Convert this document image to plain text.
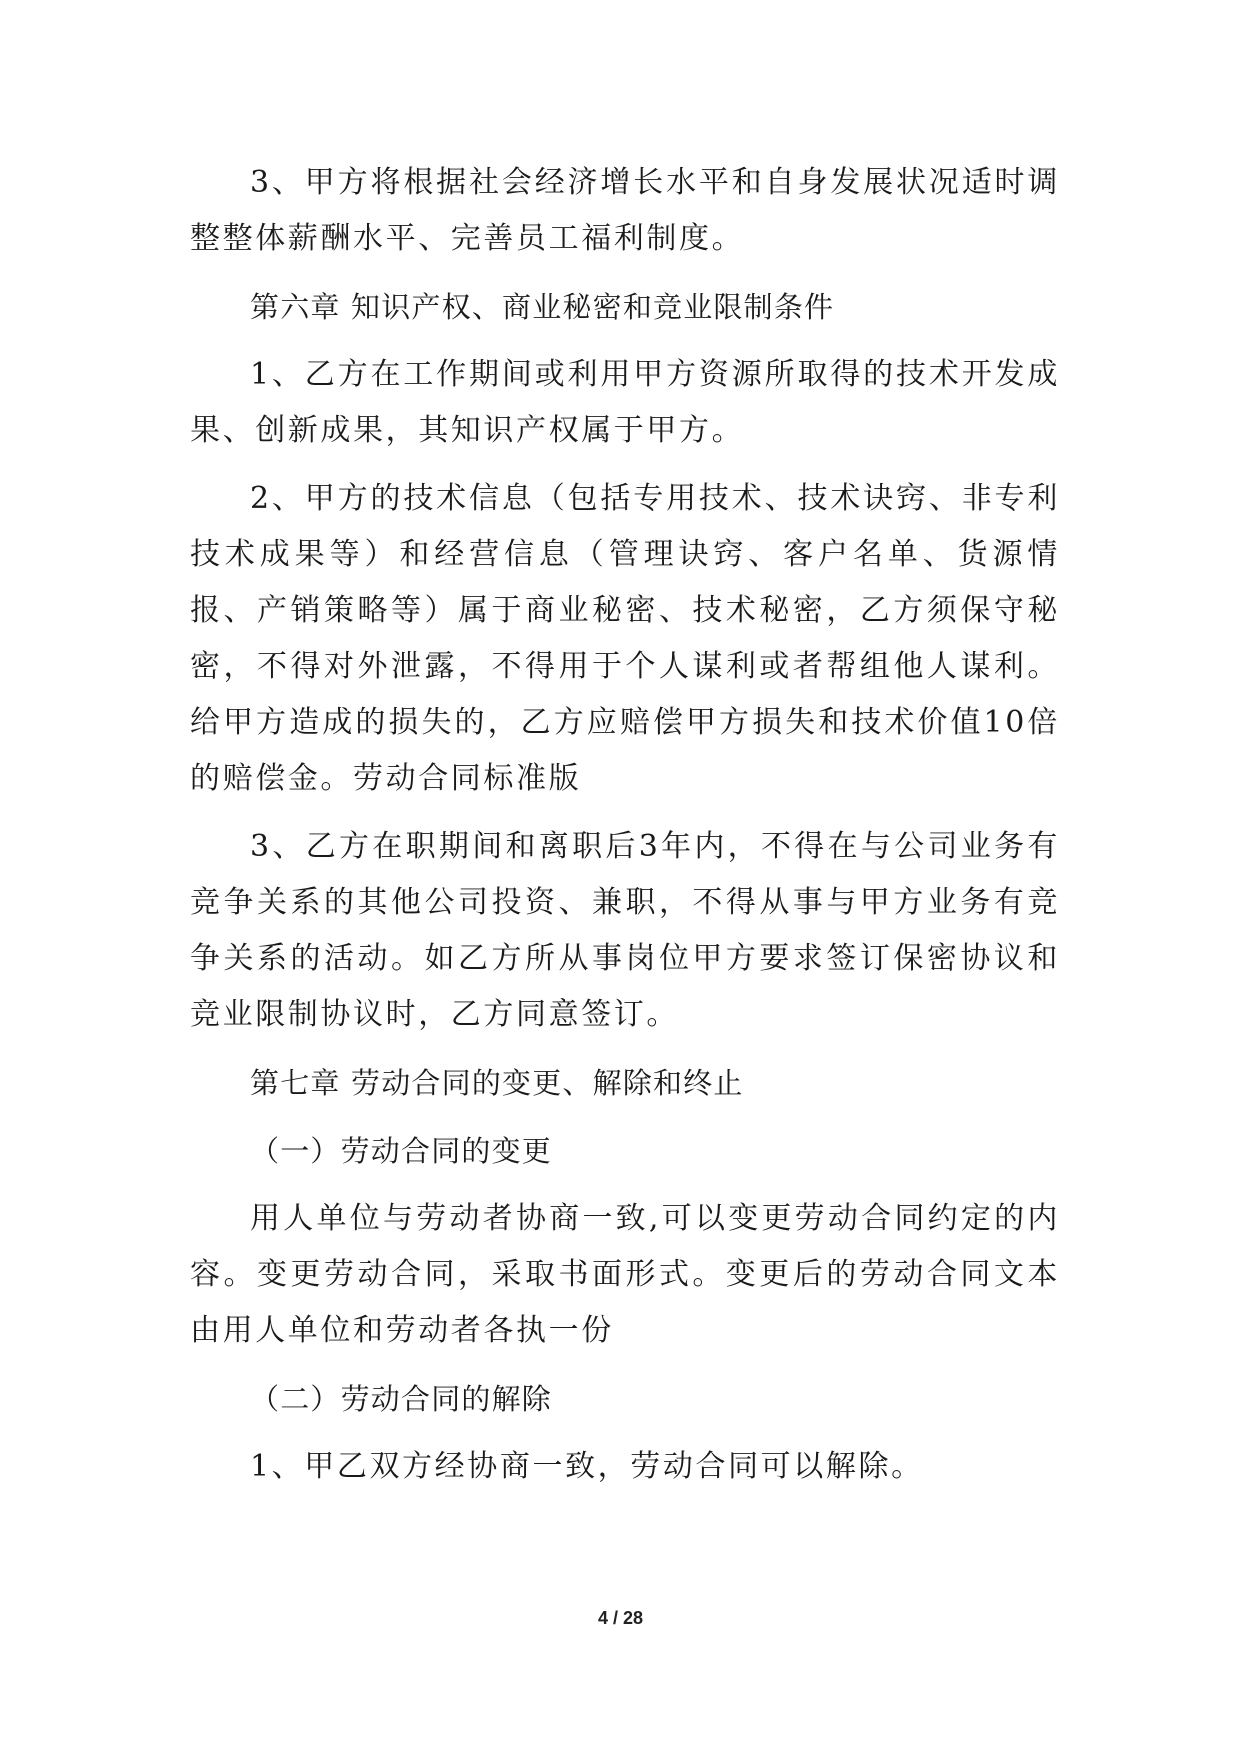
3、甲方将根据社会经济增长水平和自身发展状况适时调整整体薪酬水平、完善员工福利制度。

第六章 知识产权、商业秘密和竞业限制条件

1、乙方在工作期间或利用甲方资源所取得的技术开发成果、创新成果，其知识产权属于甲方。

2、甲方的技术信息（包括专用技术、技术诀窍、非专利技术成果等）和经营信息（管理诀窍、客户名单、货源情报、产销策略等）属于商业秘密、技术秘密，乙方须保守秘密，不得对外泄露，不得用于个人谋利或者帮组他人谋利。给甲方造成的损失的，乙方应赔偿甲方损失和技术价值10倍的赔偿金。劳动合同标准版

3、乙方在职期间和离职后3年内，不得在与公司业务有竞争关系的其他公司投资、兼职，不得从事与甲方业务有竞争关系的活动。如乙方所从事岗位甲方要求签订保密协议和竞业限制协议时，乙方同意签订。

第七章 劳动合同的变更、解除和终止

（一）劳动合同的变更

用人单位与劳动者协商一致,可以变更劳动合同约定的内容。变更劳动合同，采取书面形式。变更后的劳动合同文本由用人单位和劳动者各执一份

（二）劳动合同的解除

1、甲乙双方经协商一致，劳动合同可以解除。

4 / 28
